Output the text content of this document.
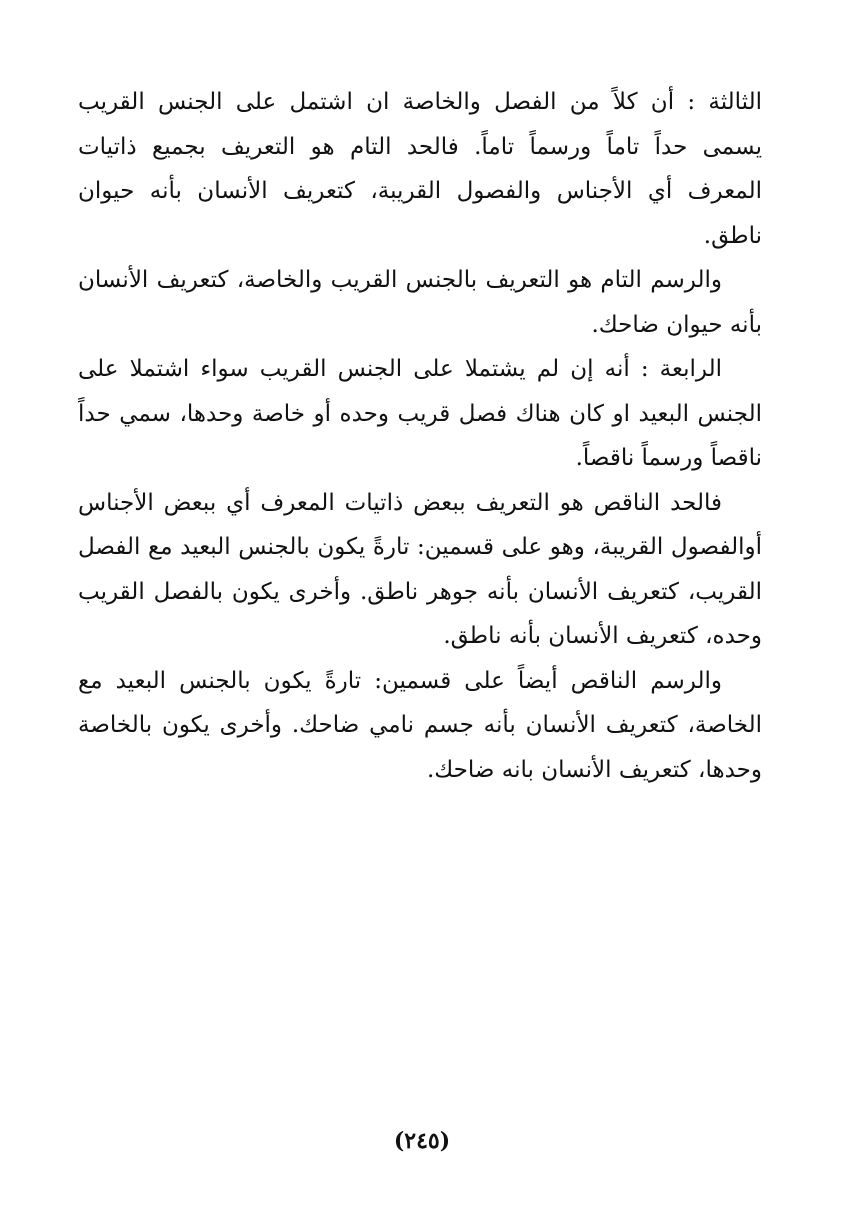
الثالثة : أن كلاً من الفصل والخاصة ان اشتمل على الجنس القريب يسمى حداً تاماً ورسماً تاماً. فالحد التام هو التعريف بجميع ذاتيات المعرف أي الأجناس والفصول القريبة، كتعريف الأنسان بأنه حيوان ناطق.

والرسم التام هو التعريف بالجنس القريب والخاصة، كتعريف الأنسان بأنه حيوان ضاحك.

الرابعة : أنه إن لم يشتملا على الجنس القريب سواء اشتملا على الجنس البعيد او كان هناك فصل قريب وحده أو خاصة وحدها، سمي حداً ناقصاً ورسماً ناقصاً.

فالحد الناقص هو التعريف ببعض ذاتيات المعرف أي ببعض الأجناس أوالفصول القريبة، وهو على قسمين: تارةً يكون بالجنس البعيد مع الفصل القريب، كتعريف الأنسان بأنه جوهر ناطق. وأخرى يكون بالفصل القريب وحده، كتعريف الأنسان بأنه ناطق.

والرسم الناقص أيضاً على قسمين: تارةً يكون بالجنس البعيد مع الخاصة، كتعريف الأنسان بأنه جسم نامي ضاحك. وأخرى يكون بالخاصة وحدها، كتعريف الأنسان بانه ضاحك.

(٢٤٥)
